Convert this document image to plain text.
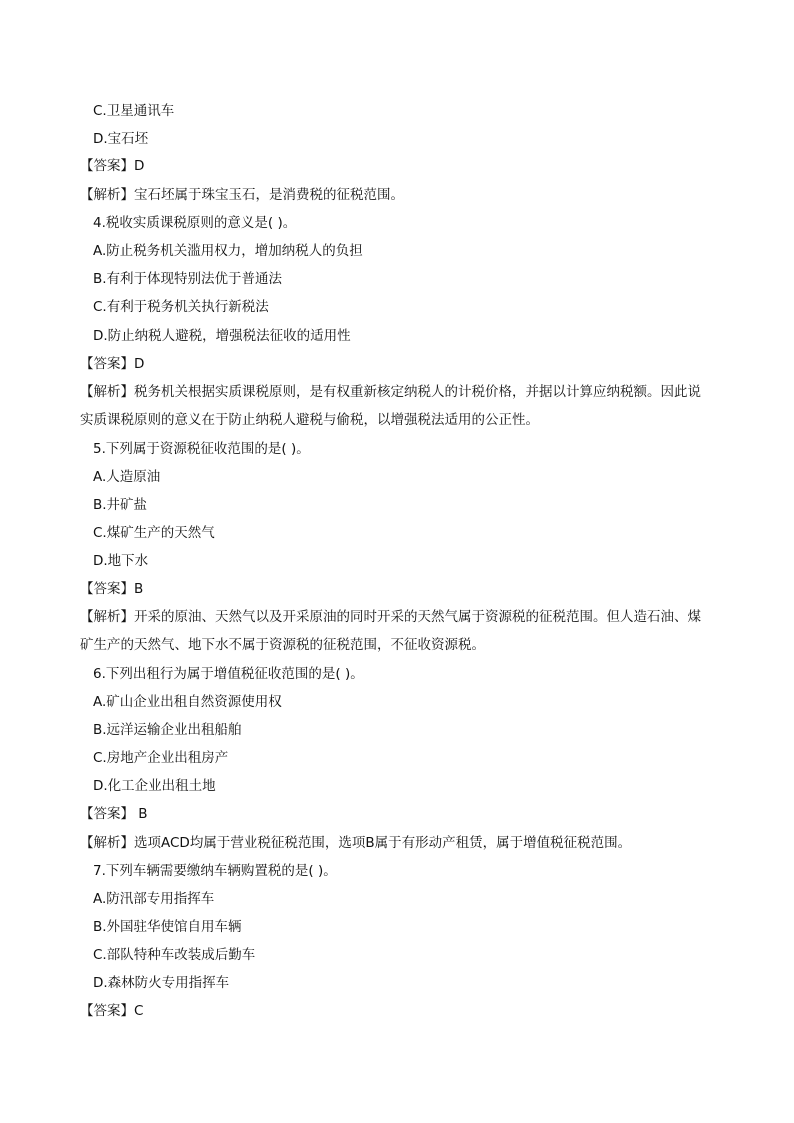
C.卫星通讯车
D.宝石坯
【答案】D
【解析】宝石坯属于珠宝玉石，是消费税的征税范围。
4.税收实质课税原则的意义是( )。
A.防止税务机关滥用权力，增加纳税人的负担
B.有利于体现特别法优于普通法
C.有利于税务机关执行新税法
D.防止纳税人避税，增强税法征收的适用性
【答案】D
【解析】税务机关根据实质课税原则，是有权重新核定纳税人的计税价格，并据以计算应纳税额。因此说实质课税原则的意义在于防止纳税人避税与偷税，以增强税法适用的公正性。
5.下列属于资源税征收范围的是( )。
A.人造原油
B.井矿盐
C.煤矿生产的天然气
D.地下水
【答案】B
【解析】开采的原油、天然气以及开采原油的同时开采的天然气属于资源税的征税范围。但人造石油、煤矿生产的天然气、地下水不属于资源税的征税范围，不征收资源税。
6.下列出租行为属于增值税征收范围的是( )。
A.矿山企业出租自然资源使用权
B.远洋运输企业出租船舶
C.房地产企业出租房产
D.化工企业出租土地
【答案】 B
【解析】选项ACD均属于营业税征税范围，选项B属于有形动产租赁，属于增值税征税范围。
7.下列车辆需要缴纳车辆购置税的是( )。
A.防汛部专用指挥车
B.外国驻华使馆自用车辆
C.部队特种车改装成后勤车
D.森林防火专用指挥车
【答案】C
